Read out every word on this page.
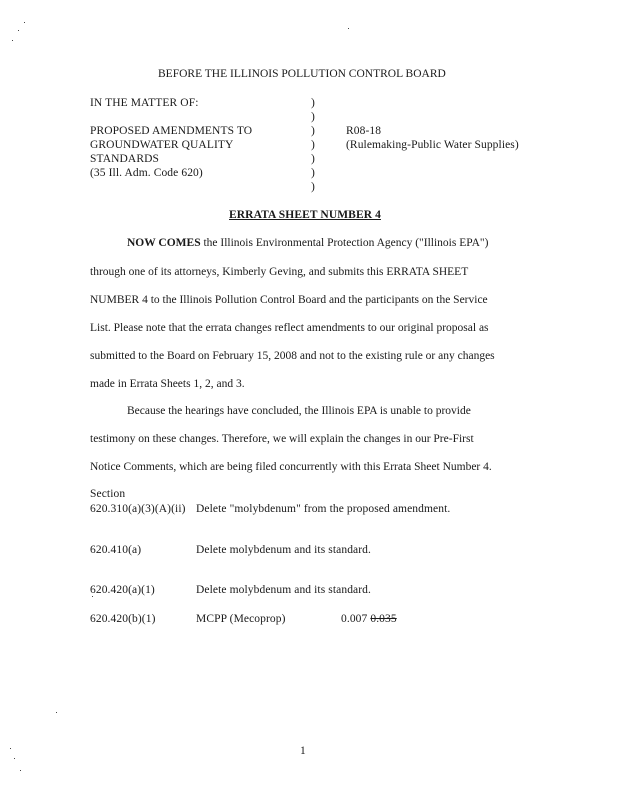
BEFORE THE ILLINOIS POLLUTION CONTROL BOARD
IN THE MATTER OF:
PROPOSED AMENDMENTS TO
GROUNDWATER QUALITY
STANDARDS
(35 Ill. Adm. Code 620)
)
)
)
)
)
)
)
R08-18
(Rulemaking-Public Water Supplies)
ERRATA SHEET NUMBER 4
NOW COMES the Illinois Environmental Protection Agency ("Illinois EPA")
through one of its attorneys, Kimberly Geving, and submits this ERRATA SHEET
NUMBER 4 to the Illinois Pollution Control Board and the participants on the Service
List. Please note that the errata changes reflect amendments to our original proposal as
submitted to the Board on February 15, 2008 and not to the existing rule or any changes
made in Errata Sheets 1, 2, and 3.
Because the hearings have concluded, the Illinois EPA is unable to provide
testimony on these changes. Therefore, we will explain the changes in our Pre-First
Notice Comments, which are being filed concurrently with this Errata Sheet Number 4.
Section
620.310(a)(3)(A)(ii) Delete "molybdenum" from the proposed amendment.
620.410(a)	Delete molybdenum and its standard.
620.420(a)(1)	Delete molybdenum and its standard.
620.420(b)(1)	MCPP (Mecoprop)	0.007 0.035
1
